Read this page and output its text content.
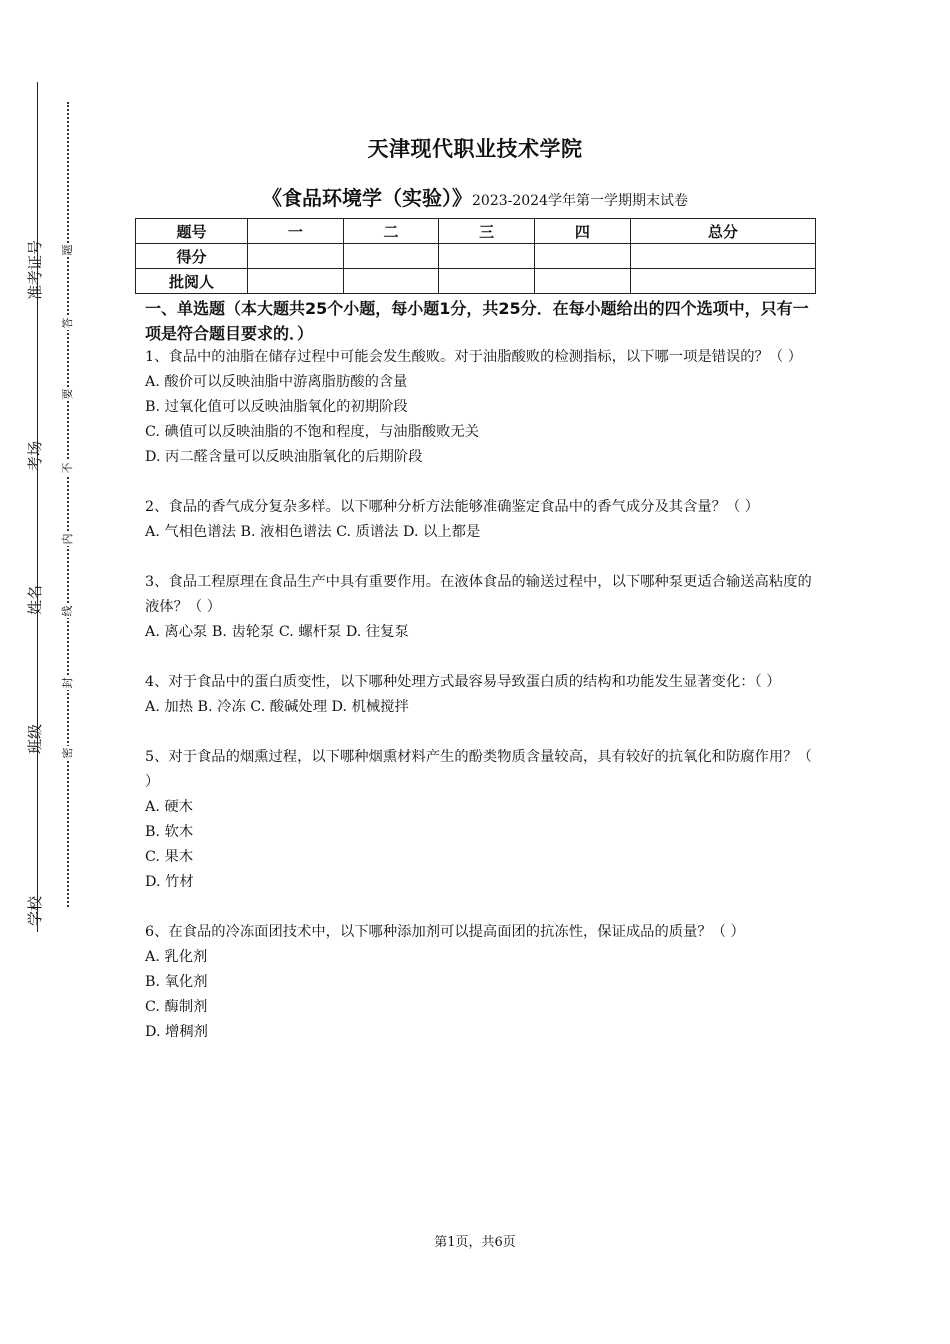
准考证号
考场
姓名
班级
学校
题
答
要
不
内
线
封
密
天津现代职业技术学院
《食品环境学（实验）》2023-2024学年第一学期期末试卷
题号	一	二	三	四	总分
得分					
批阅人					
一、单选题（本大题共25个小题，每小题1分，共25分．在每小题给出的四个选项中，只有一项是符合题目要求的．）

1、食品中的油脂在储存过程中可能会发生酸败。对于油脂酸败的检测指标，以下哪一项是错误的？（ ）

A. 酸价可以反映油脂中游离脂肪酸的含量

B. 过氧化值可以反映油脂氧化的初期阶段

C. 碘值可以反映油脂的不饱和程度，与油脂酸败无关

D. 丙二醛含量可以反映油脂氧化的后期阶段

2、食品的香气成分复杂多样。以下哪种分析方法能够准确鉴定食品中的香气成分及其含量？（ ）

A. 气相色谱法 B. 液相色谱法 C. 质谱法 D. 以上都是

3、食品工程原理在食品生产中具有重要作用。在液体食品的输送过程中，以下哪种泵更适合输送高粘度的液体？（ ）

A. 离心泵 B. 齿轮泵 C. 螺杆泵 D. 往复泵

4、对于食品中的蛋白质变性，以下哪种处理方式最容易导致蛋白质的结构和功能发生显著变化：（ ）

A. 加热 B. 冷冻 C. 酸碱处理 D. 机械搅拌

5、对于食品的烟熏过程，以下哪种烟熏材料产生的酚类物质含量较高，具有较好的抗氧化和防腐作用？（ ）

A. 硬木

B. 软木

C. 果木

D. 竹材

6、在食品的冷冻面团技术中，以下哪种添加剂可以提高面团的抗冻性，保证成品的质量？（ ）

A. 乳化剂

B. 氧化剂

C. 酶制剂

D. 增稠剂

第1页，共6页
